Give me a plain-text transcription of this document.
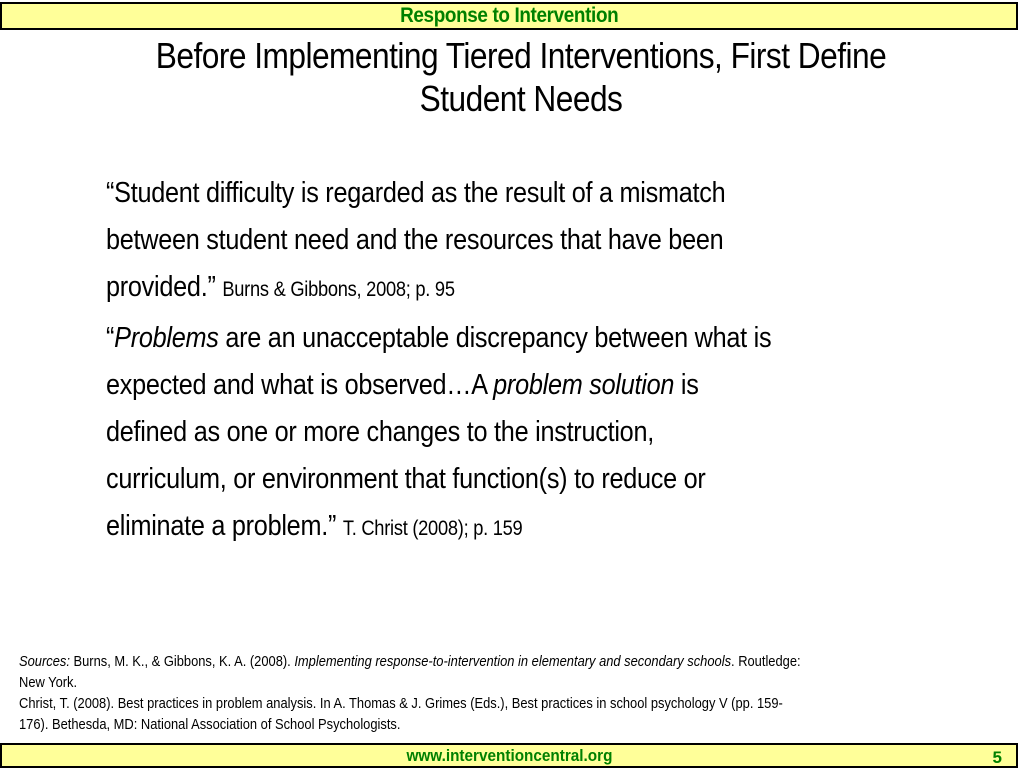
Response to Intervention
Before Implementing Tiered Interventions, First Define
Student Needs

“Student difficulty is regarded as the result of a mismatch

between student need and the resources that have been

provided.” Burns & Gibbons, 2008; p. 95

“Problems are an unacceptable discrepancy between what is

expected and what is observed…A problem solution is

defined as one or more changes to the instruction,

curriculum, or environment that function(s) to reduce or

eliminate a problem.” T. Christ (2008); p. 159

Sources: Burns, M. K., & Gibbons, K. A. (2008). Implementing response-to-intervention in elementary and secondary schools. Routledge:

New York.

Christ, T. (2008). Best practices in problem analysis. In A. Thomas & J. Grimes (Eds.), Best practices in school psychology V (pp. 159-

176). Bethesda, MD: National Association of School Psychologists.

www.interventioncentral.org	5
